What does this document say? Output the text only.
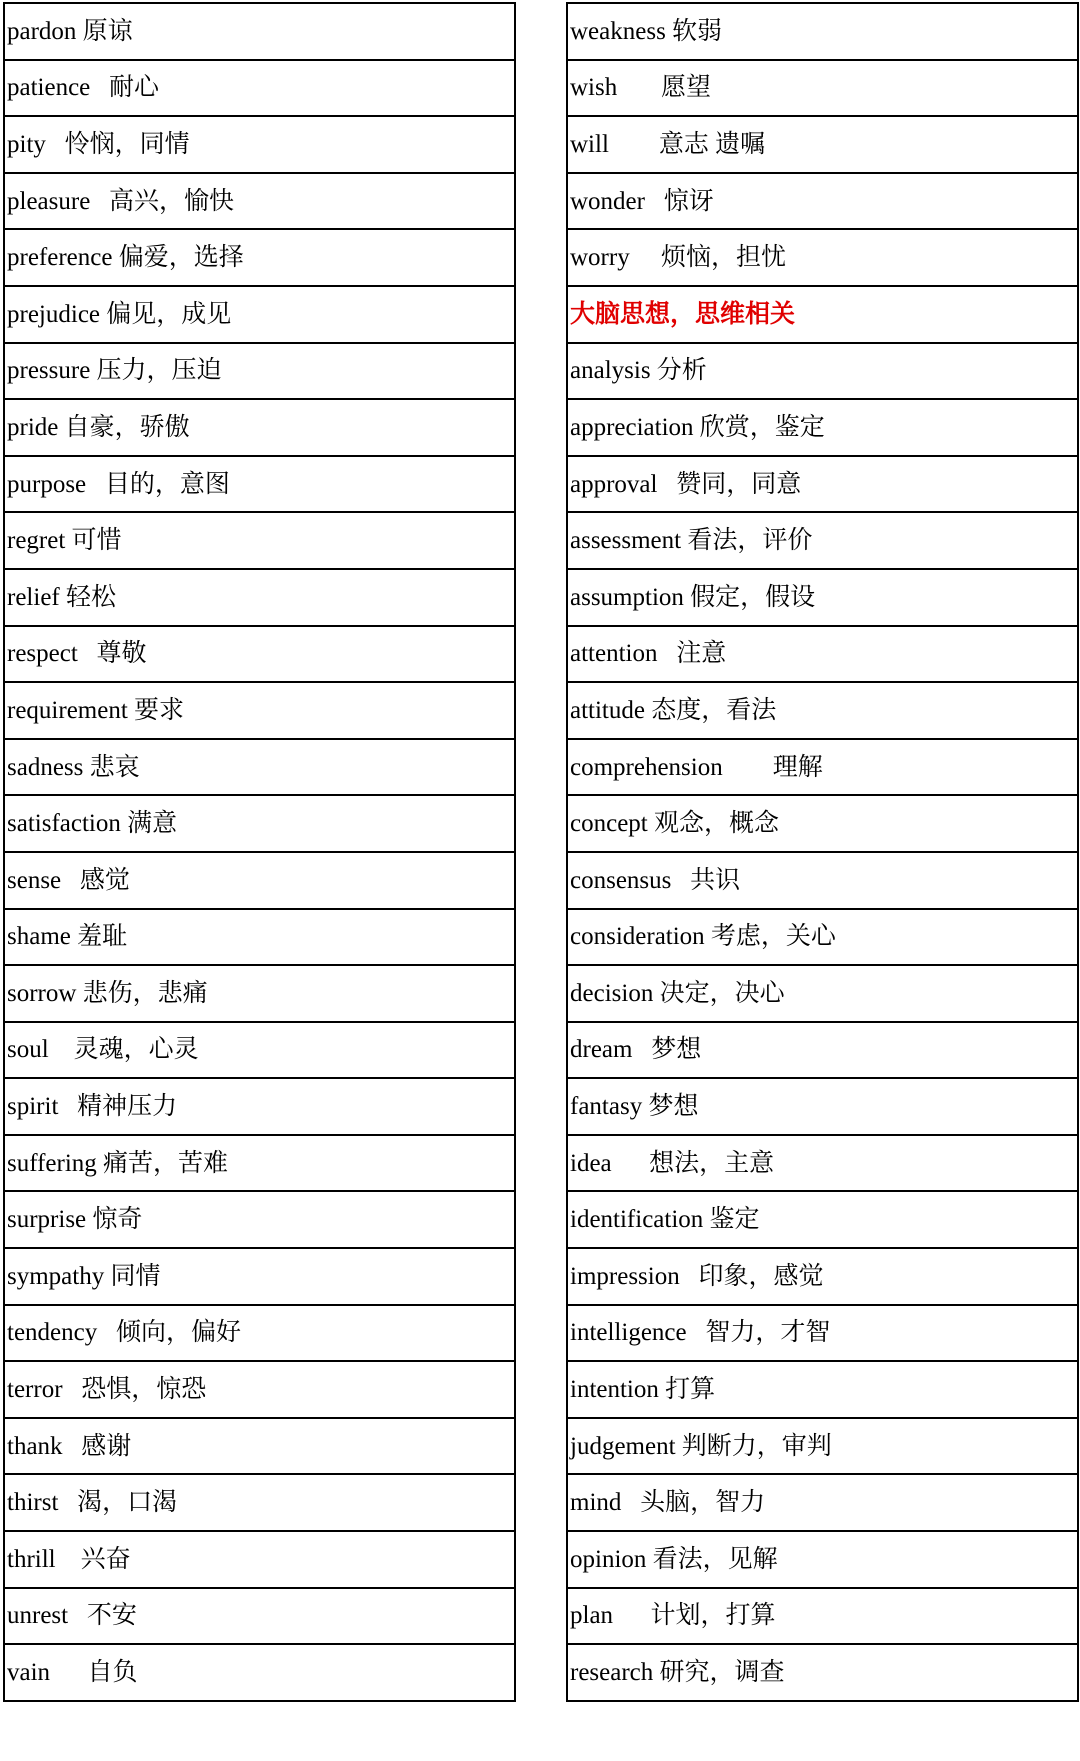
pardon 原谅
patience   耐心
pity   怜悯，同情
pleasure   高兴，愉快
preference 偏爱，选择
prejudice 偏见，成见
pressure 压力，压迫
pride 自豪，骄傲
purpose   目的，意图
regret 可惜
relief 轻松
respect   尊敬
requirement 要求
sadness 悲哀
satisfaction 满意
sense   感觉
shame 羞耻
sorrow 悲伤，悲痛
soul    灵魂，心灵
spirit   精神压力
suffering 痛苦，苦难
surprise 惊奇
sympathy 同情
tendency   倾向，偏好
terror   恐惧，惊恐
thank   感谢
thirst   渴，口渴
thrill    兴奋
unrest   不安
vain      自负
weakness 软弱
wish       愿望
will        意志 遗嘱
wonder   惊讶
worry     烦恼，担忧
大脑思想，思维相关
analysis 分析
appreciation 欣赏，鉴定
approval   赞同，同意
assessment 看法，评价
assumption 假定，假设
attention   注意
attitude 态度，看法
comprehension        理解
concept 观念，概念
consensus   共识
consideration 考虑，关心
decision 决定，决心
dream   梦想
fantasy 梦想
idea      想法，主意
identification 鉴定
impression   印象，感觉
intelligence   智力，才智
intention 打算
judgement 判断力，审判
mind   头脑，智力
opinion 看法，见解
plan      计划，打算
research 研究，调查
